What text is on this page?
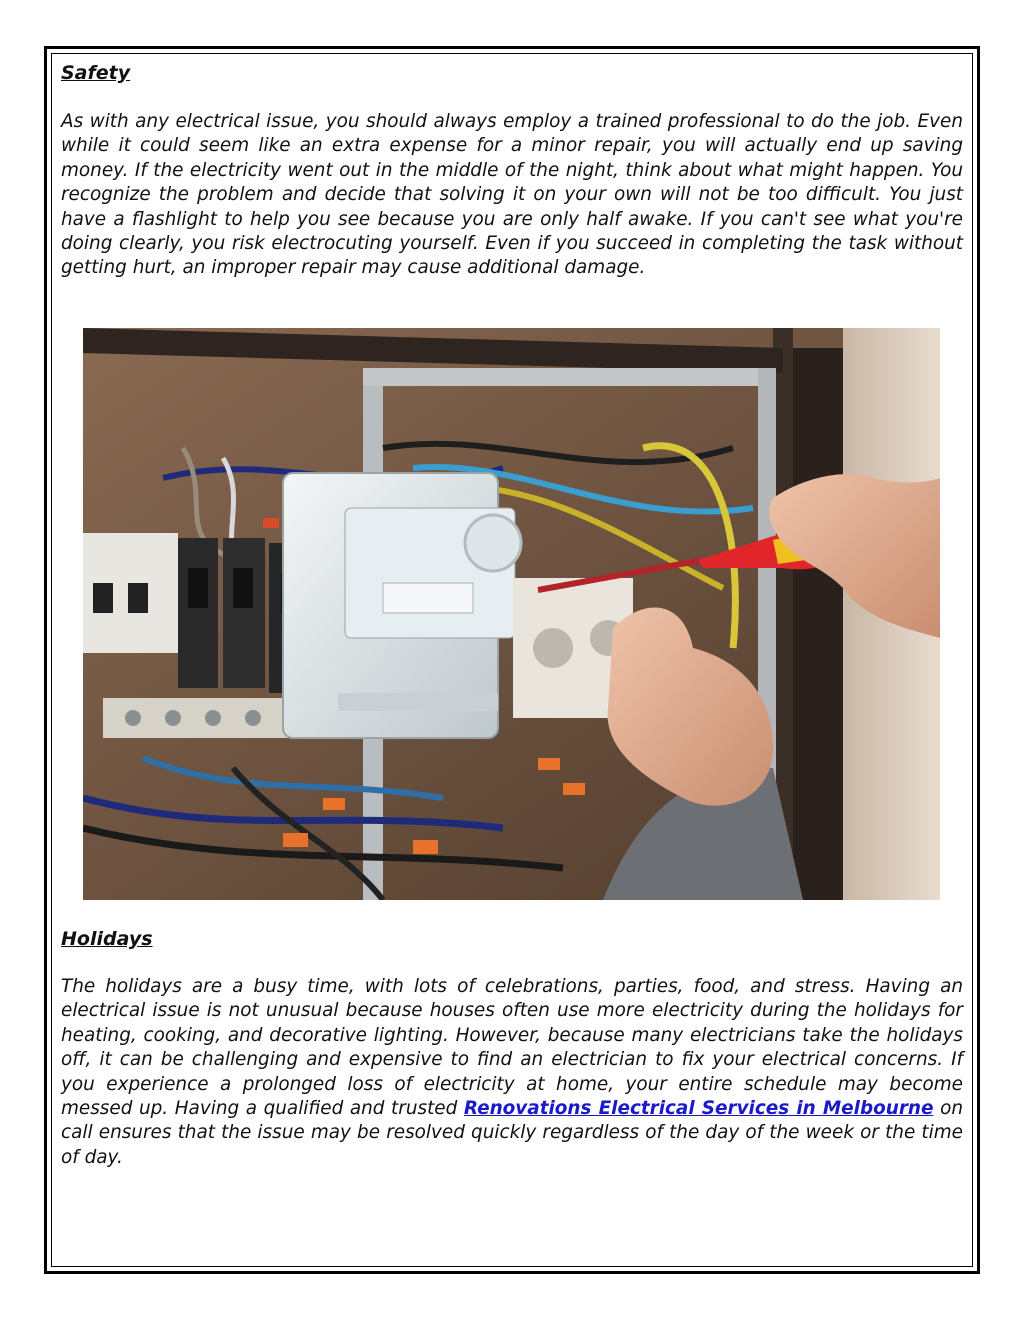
Safety

As with any electrical issue, you should always employ a trained professional to do the job. Even while it could seem like an extra expense for a minor repair, you will actually end up saving money. If the electricity went out in the middle of the night, think about what might happen. You recognize the problem and decide that solving it on your own will not be too difficult. You just have a flashlight to help you see because you are only half awake. If you can't see what you're doing clearly, you risk electrocuting yourself. Even if you succeed in completing the task without getting hurt, an improper repair may cause additional damage.

Holidays

The holidays are a busy time, with lots of celebrations, parties, food, and stress. Having an electrical issue is not unusual because houses often use more electricity during the holidays for heating, cooking, and decorative lighting. However, because many electricians take the holidays off, it can be challenging and expensive to find an electrician to fix your electrical concerns. If you experience a prolonged loss of electricity at home, your entire schedule may become messed up. Having a qualified and trusted Renovations Electrical Services in Melbourne on call ensures that the issue may be resolved quickly regardless of the day of the week or the time of day.
